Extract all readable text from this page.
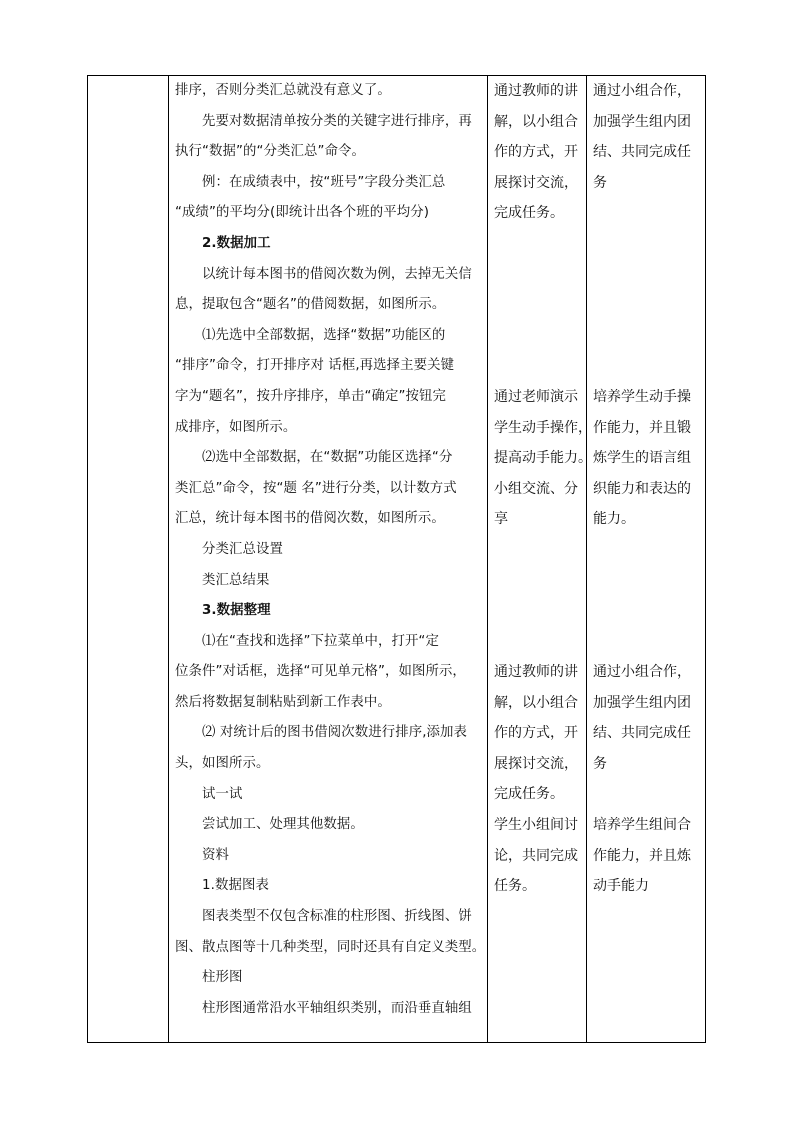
排序，否则分类汇总就没有意义了。

先要对数据清单按分类的关键字进行排序，再

执行“数据”的“分类汇总”命令。

例：在成绩表中，按“班号”字段分类汇总

“成绩”的平均分(即统计出各个班的平均分)

2.数据加工

以统计每本图书的借阅次数为例，去掉无关信

息，提取包含“题名”的借阅数据，如图所示。

⑴先选中全部数据，选择“数据”功能区的

“排序”命令，打开排序对 话框,再选择主要关键

字为“题名”，按升序排序，单击“确定”按钮完

成排序，如图所示。

⑵选中全部数据，在“数据”功能区选择“分

类汇总”命令，按“题 名”进行分类，以计数方式

汇总，统计每本图书的借阅次数，如图所示。

分类汇总设置

类汇总结果

3.数据整理

⑴在“查找和选择”下拉菜单中，打开“定

位条件”对话框，选择“可见单元格”，如图所示，

然后将数据复制粘贴到新工作表中。

⑵ 对统计后的图书借阅次数进行排序,添加表

头，如图所示。

试一试

尝试加工、处理其他数据。

资料

1.数据图表

图表类型不仅包含标准的柱形图、折线图、饼

图、散点图等十几种类型，同时还具有自定义类型。

柱形图

柱形图通常沿水平轴组织类别，而沿垂直轴组

通过教师的讲

解，以小组合

作的方式，开

展探讨交流，

完成任务。

通过老师演示

学生动手操作，

提高动手能力。

小组交流、分

享

通过教师的讲

解，以小组合

作的方式，开

展探讨交流，

完成任务。

学生小组间讨

论，共同完成

任务。

通过小组合作，

加强学生组内团

结、共同完成任

务

培养学生动手操

作能力，并且锻

炼学生的语言组

织能力和表达的

能力。

通过小组合作，

加强学生组内团

结、共同完成任

务

培养学生组间合

作能力，并且炼

动手能力
